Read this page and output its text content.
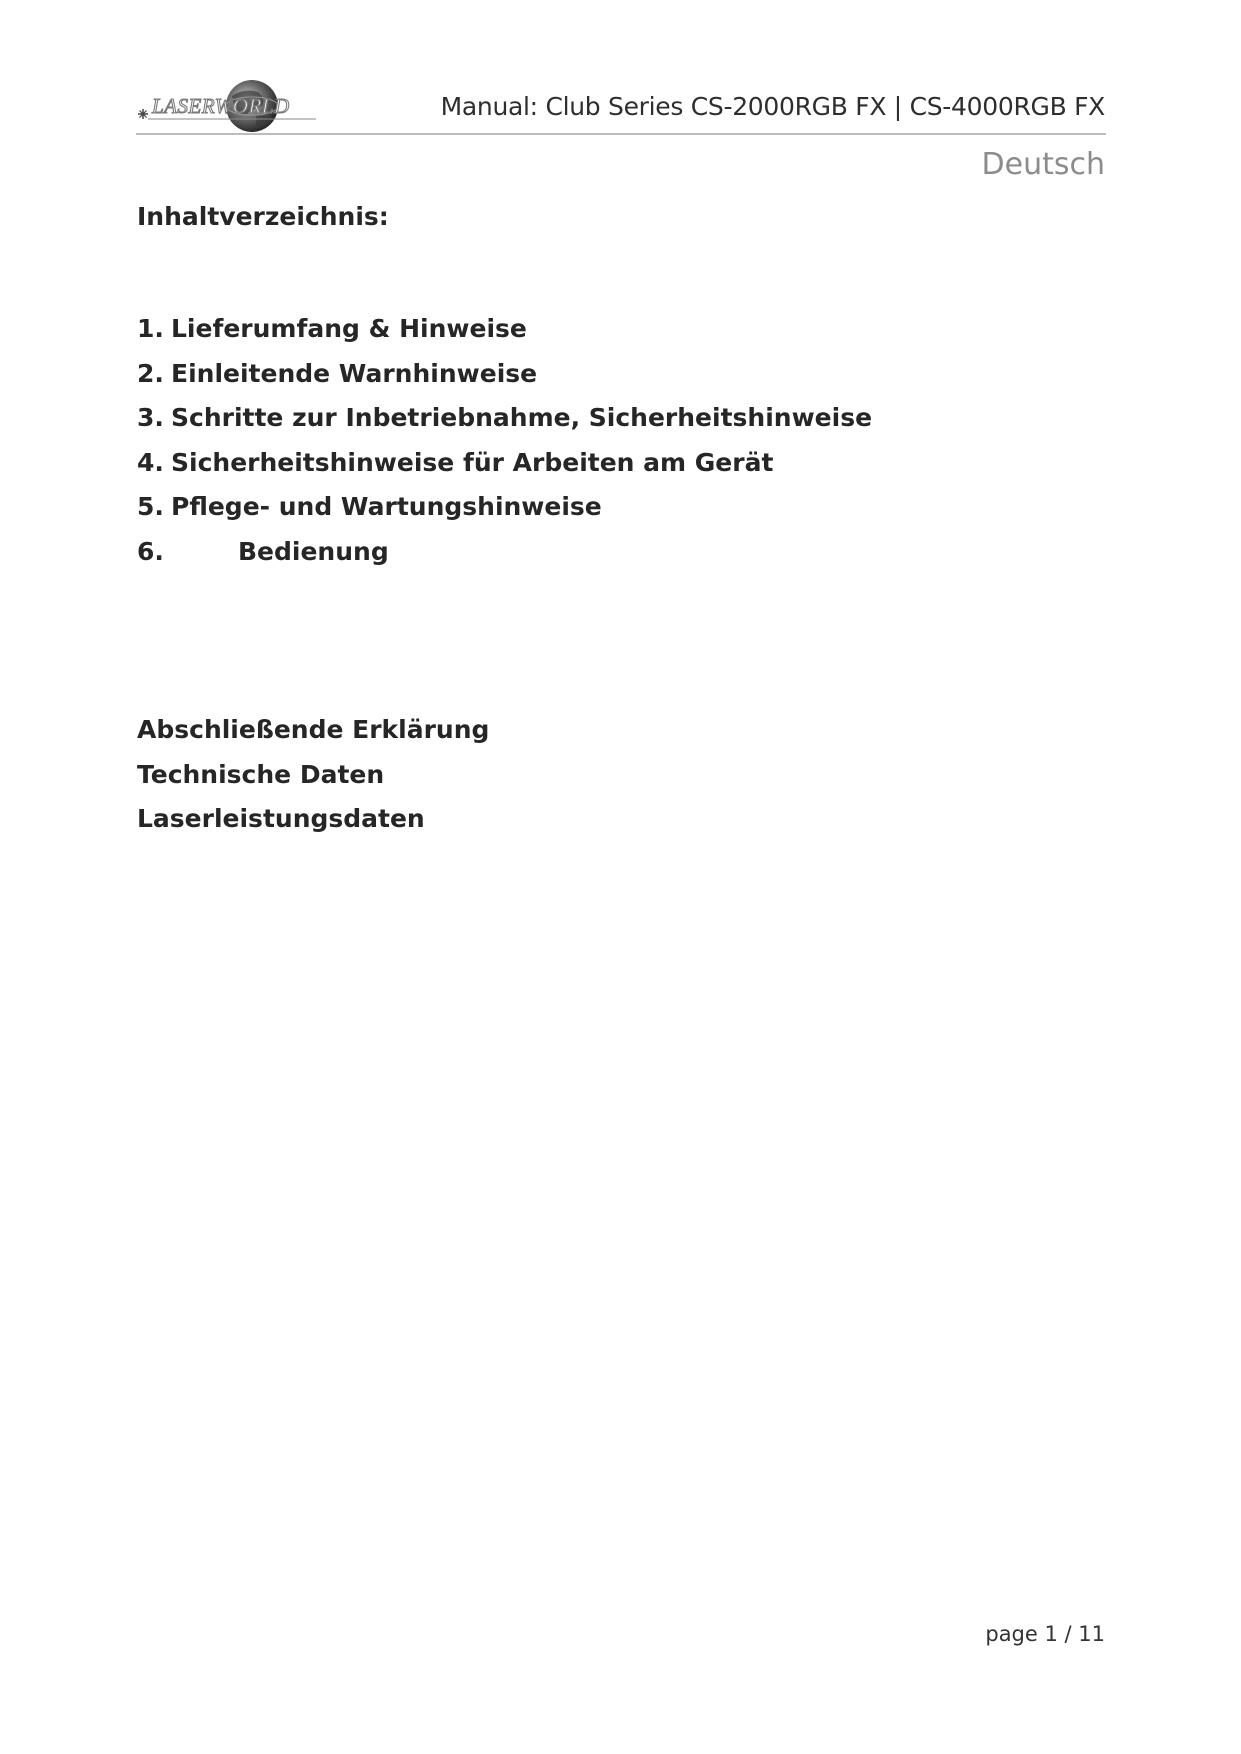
LASERWORLD	Manual: Club Series CS-2000RGB FX | CS-4000RGB FX
Deutsch
Inhaltverzeichnis:
1. Lieferumfang & Hinweise
2. Einleitende Warnhinweise
3. Schritte zur Inbetriebnahme, Sicherheitshinweise
4. Sicherheitshinweise für Arbeiten am Gerät
5. Pflege- und Wartungshinweise
6.	Bedienung
Abschließende Erklärung
Technische Daten
Laserleistungsdaten
page 1 / 11
